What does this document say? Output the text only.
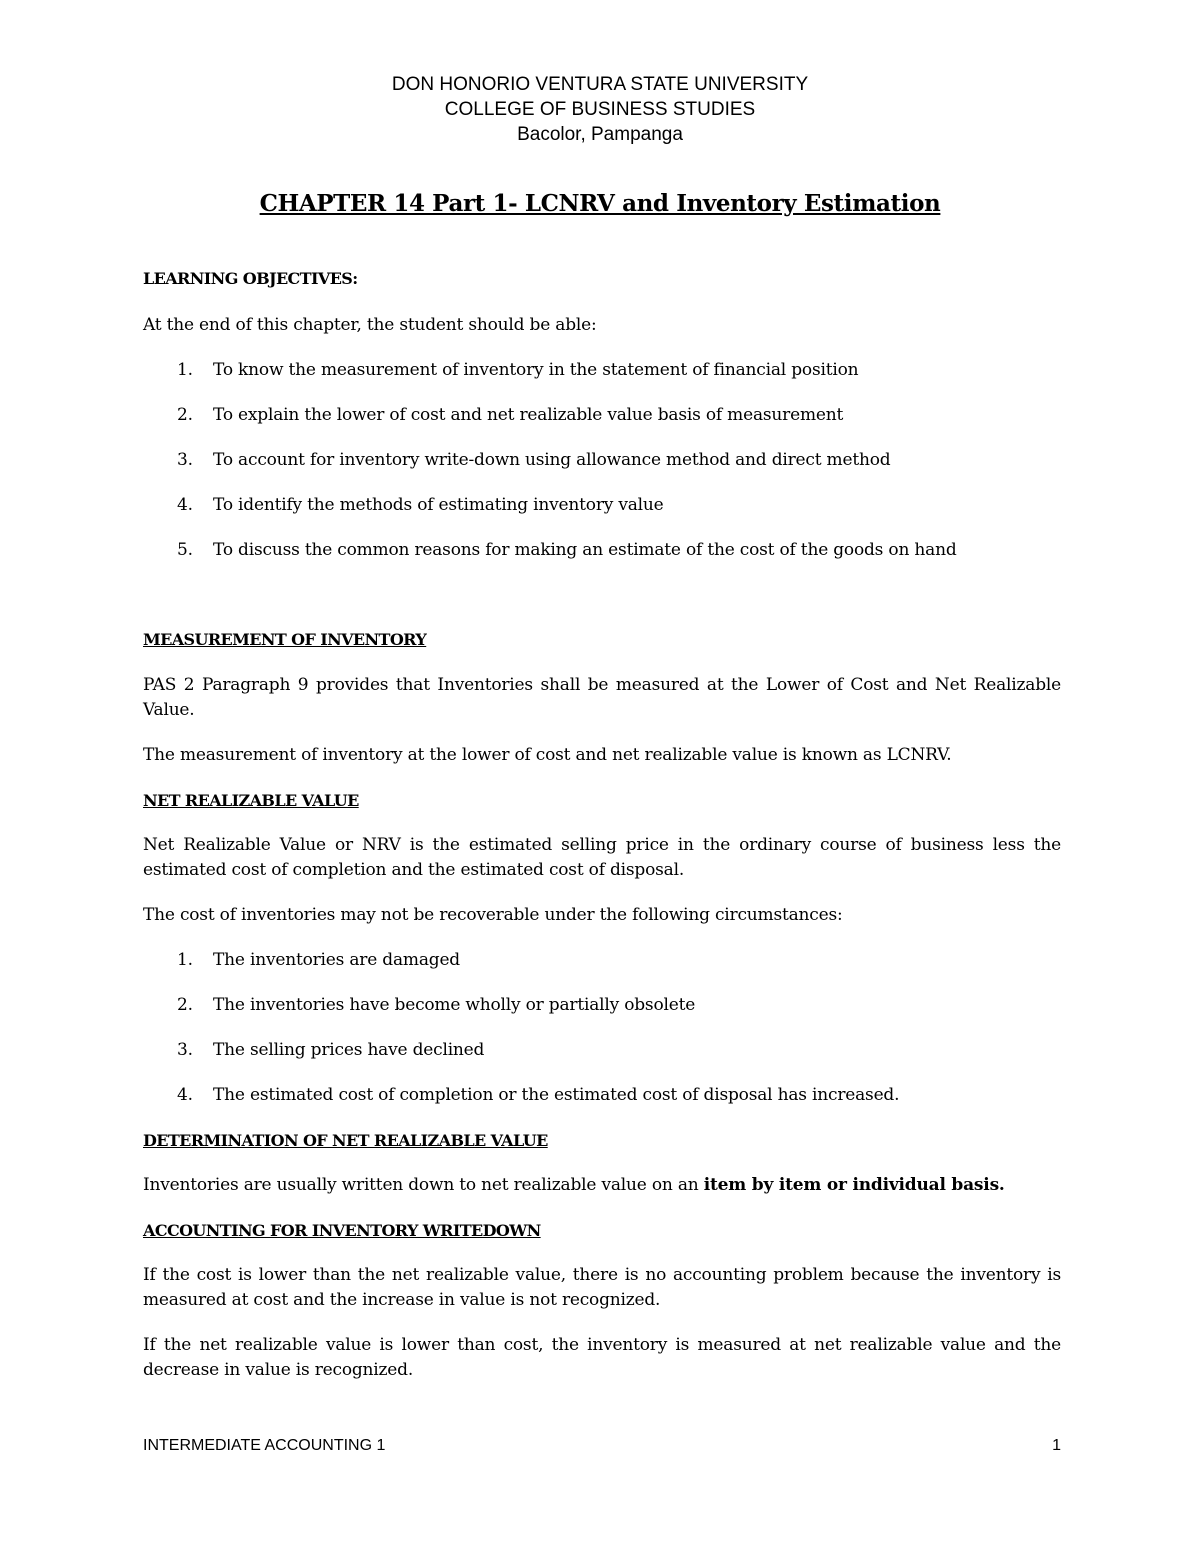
DON HONORIO VENTURA STATE UNIVERSITY
COLLEGE OF BUSINESS STUDIES
Bacolor, Pampanga
CHAPTER 14 Part 1- LCNRV and Inventory Estimation

LEARNING OBJECTIVES:

At the end of this chapter, the student should be able:

1. To know the measurement of inventory in the statement of financial position
2. To explain the lower of cost and net realizable value basis of measurement
3. To account for inventory write-down using allowance method and direct method
4. To identify the methods of estimating inventory value
5. To discuss the common reasons for making an estimate of the cost of the goods on hand

MEASUREMENT OF INVENTORY

PAS 2 Paragraph 9 provides that Inventories shall be measured at the Lower of Cost and Net Realizable Value.

The measurement of inventory at the lower of cost and net realizable value is known as LCNRV.

NET REALIZABLE VALUE

Net Realizable Value or NRV is the estimated selling price in the ordinary course of business less the estimated cost of completion and the estimated cost of disposal.

The cost of inventories may not be recoverable under the following circumstances:

1. The inventories are damaged
2. The inventories have become wholly or partially obsolete
3. The selling prices have declined
4. The estimated cost of completion or the estimated cost of disposal has increased.

DETERMINATION OF NET REALIZABLE VALUE

Inventories are usually written down to net realizable value on an item by item or individual basis.

ACCOUNTING FOR INVENTORY WRITEDOWN

If the cost is lower than the net realizable value, there is no accounting problem because the inventory is measured at cost and the increase in value is not recognized.

If the net realizable value is lower than cost, the inventory is measured at net realizable value and the decrease in value is recognized.

INTERMEDIATE ACCOUNTING 1	1
